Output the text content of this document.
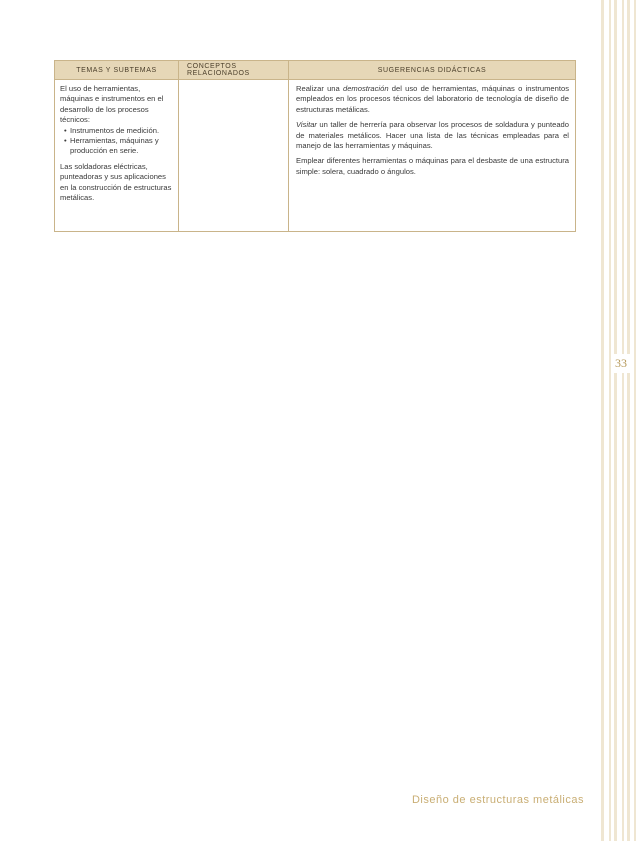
33
TEMAS Y SUBTEMAS	CONCEPTOS RELACIONADOS	SUGERENCIAS DIDÁCTICAS

El uso de herramientas, máquinas e instrumentos en el desarrollo de los procesos técnicos:

• Instrumentos de medición.
• Herramientas, máquinas y producción en serie.

Las soldadoras eléctricas, punteadoras y sus aplicaciones en la construcción de estructuras metálicas.

Realizar una demostración del uso de herramientas, máquinas o instrumentos empleados en los procesos técnicos del laboratorio de tecnología de diseño de estructuras metálicas.

Visitar un taller de herrería para observar los procesos de soldadura y punteado de materiales metálicos. Hacer una lista de las técnicas empleadas para el manejo de las herramientas y máquinas.

Emplear diferentes herramientas o máquinas para el desbaste de una estructura simple: solera, cuadrado o ángulos.

Diseño de estructuras metálicas
